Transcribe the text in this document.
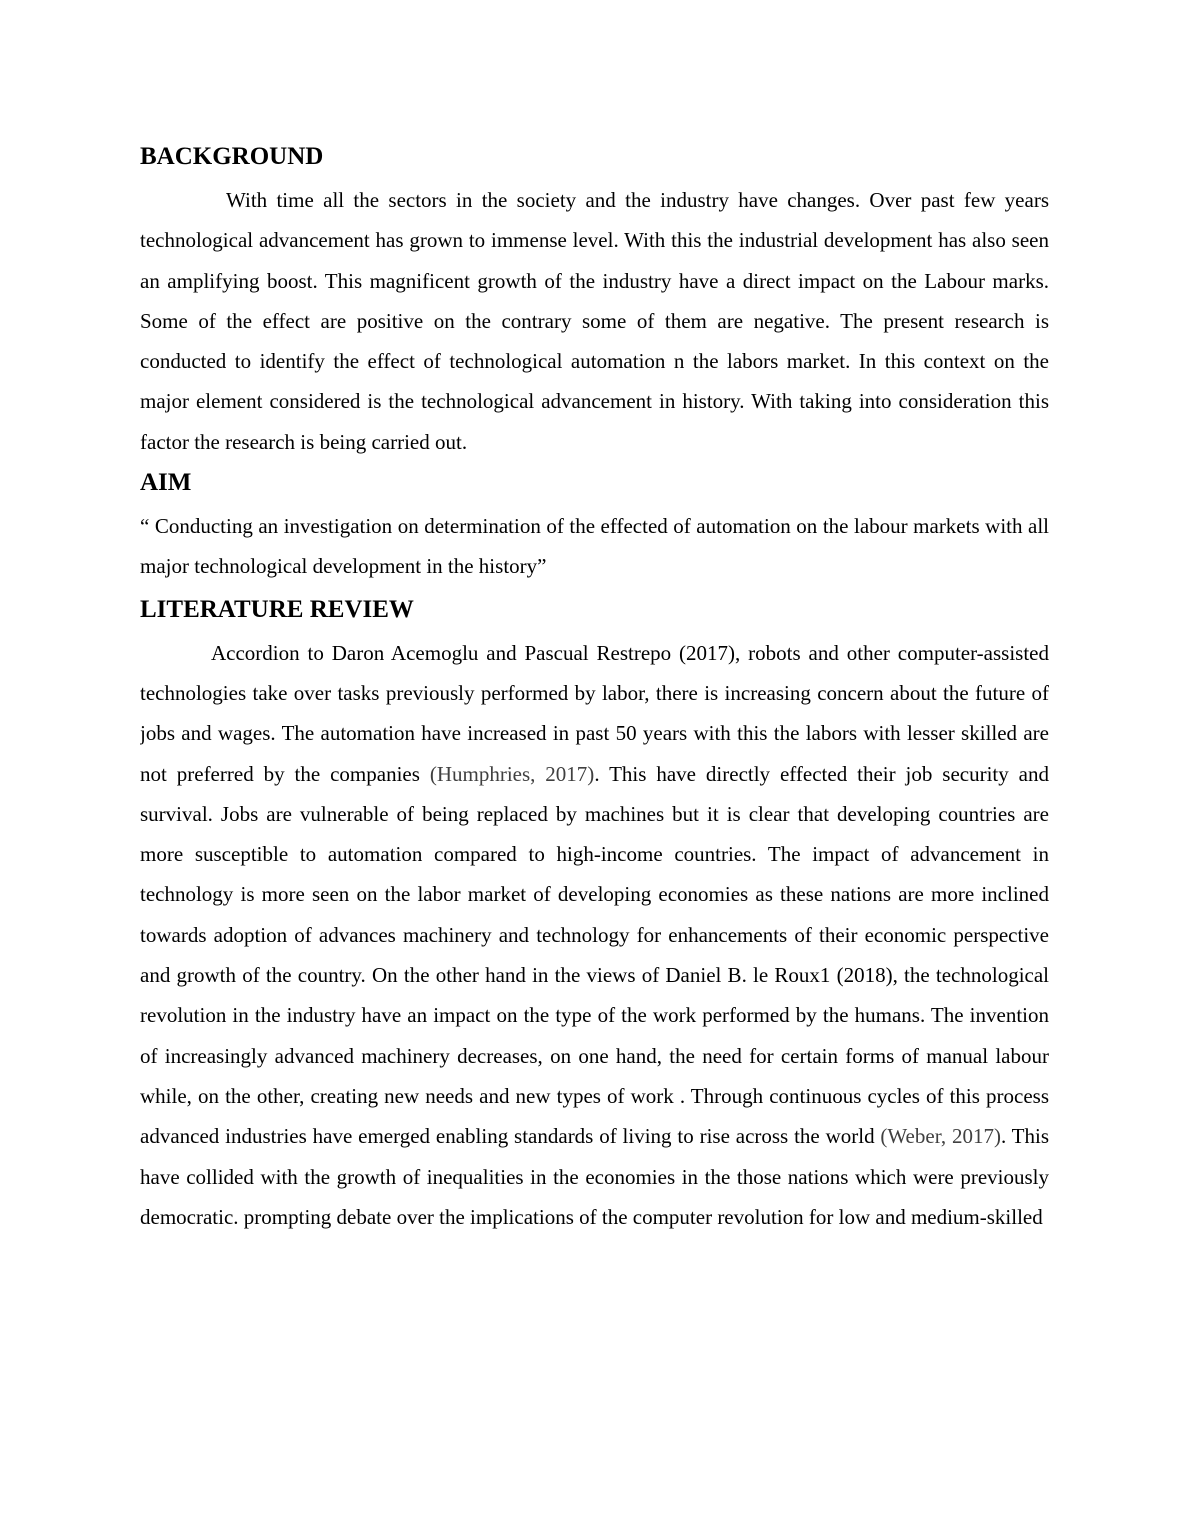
BACKGROUND

With time all the sectors in the society and the industry have changes. Over past few years technological advancement has grown to immense level. With this the industrial development has also seen an amplifying boost. This magnificent growth of the industry have a direct impact on the Labour marks. Some of the effect are positive on the contrary some of them are negative. The present research is conducted to identify the effect of technological automation n the labors market. In this context on the major element considered is the technological advancement in history. With taking into consideration this factor the research is being carried out.

AIM

“ Conducting an investigation on determination of the effected of automation on the labour markets with all major technological development in the history”

LITERATURE REVIEW

Accordion to Daron Acemoglu and Pascual Restrepo (2017), robots and other computer-assisted technologies take over tasks previously performed by labor, there is increasing concern about the future of jobs and wages. The automation have increased in past 50 years with this the labors with lesser skilled are not preferred by the companies (Humphries, 2017). This have directly effected their job security and survival. Jobs are vulnerable of being replaced by machines but it is clear that developing countries are more susceptible to automation compared to high-income countries. The impact of advancement in technology is more seen on the labor market of developing economies as these nations are more inclined towards adoption of advances machinery and technology for enhancements of their economic perspective and growth of the country. On the other hand in the views of Daniel B. le Roux1 (2018), the technological revolution in the industry have an impact on the type of the work performed by the humans. The invention of increasingly advanced machinery decreases, on one hand, the need for certain forms of manual labour while, on the other, creating new needs and new types of work . Through continuous cycles of this process advanced industries have emerged enabling standards of living to rise across the world (Weber, 2017). This have collided with the growth of inequalities in the economies in the those nations which were previously democratic. prompting debate over the implications of the computer revolution for low and medium-skilled
